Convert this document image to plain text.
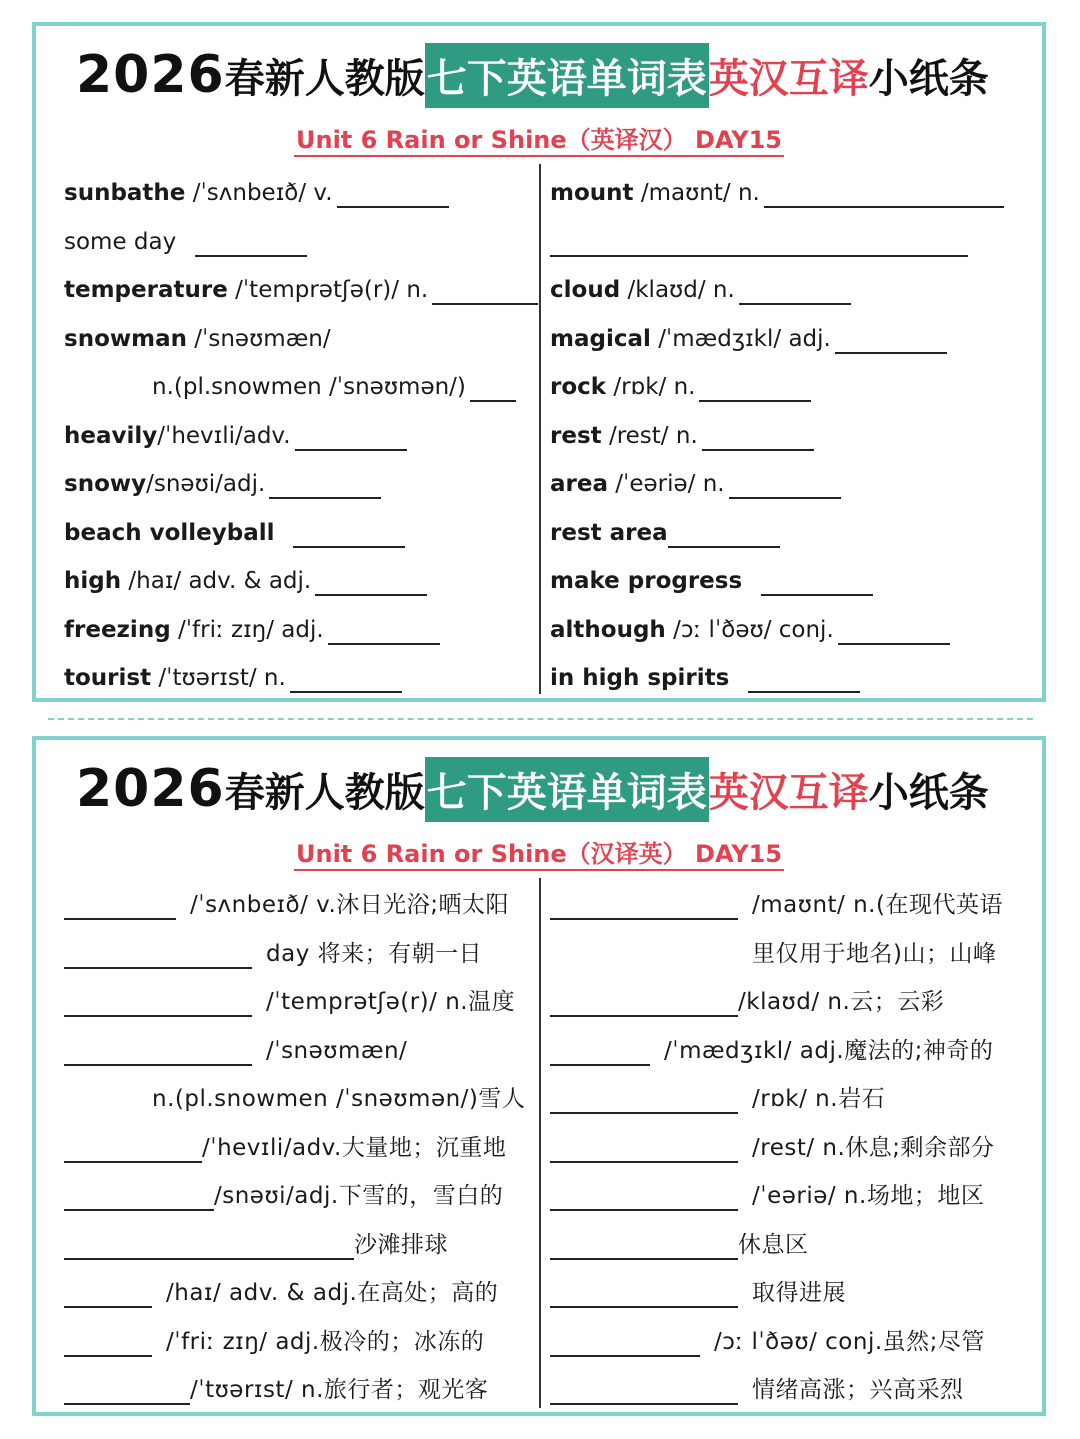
2026 春新人教版 七下英语单词表 英汉互译 小纸条
Unit 6 Rain or Shine（英译汉） DAY15
sunbathe
/ˈsʌnbeɪð/ v.
some day

temperature
/ˈtemprətʃə(r)/ n.
snowman
/ˈsnəʊmæn/
n.(pl.snowmen /ˈsnəʊmən/)
heavily /ˈhevɪli/adv.
snowy /snəʊi/adj.
beach volleyball

high
/haɪ/ adv. & adj.
freezing
/ˈfriː zɪŋ/ adj.
tourist
/ˈtʊərɪst/ n.
mount
/maʊnt/ n.
cloud
/klaʊd/ n.
magical
/ˈmædʒɪkl/ adj.
rock
/rɒk/ n.
rest
/rest/ n.
area
/ˈeəriə/ n.
rest area
make progress

although
/ɔː lˈðəʊ/ conj.
in high spirits

2026 春新人教版 七下英语单词表 英汉互译 小纸条
Unit 6 Rain or Shine（汉译英） DAY15
/ˈsʌnbeɪð/ v.沐日光浴;晒太阳
day 将来；有朝一日
/ˈtemprətʃə(r)/ n.温度
/ˈsnəʊmæn/
n.(pl.snowmen /ˈsnəʊmən/)雪人
/ˈhevɪli/adv.大量地；沉重地
/snəʊi/adj.下雪的，雪白的
沙滩排球
/haɪ/ adv. & adj.在高处；高的
/ˈfriː zɪŋ/ adj.极冷的；冰冻的
/ˈtʊərɪst/ n.旅行者；观光客
/maʊnt/ n.(在现代英语
里仅用于地名)山；山峰
/klaʊd/ n.云；云彩
/ˈmædʒɪkl/ adj.魔法的;神奇的
/rɒk/ n.岩石
/rest/ n.休息;剩余部分
/ˈeəriə/ n.场地；地区
休息区
取得进展
/ɔː lˈðəʊ/ conj.虽然;尽管
情绪高涨；兴高采烈
